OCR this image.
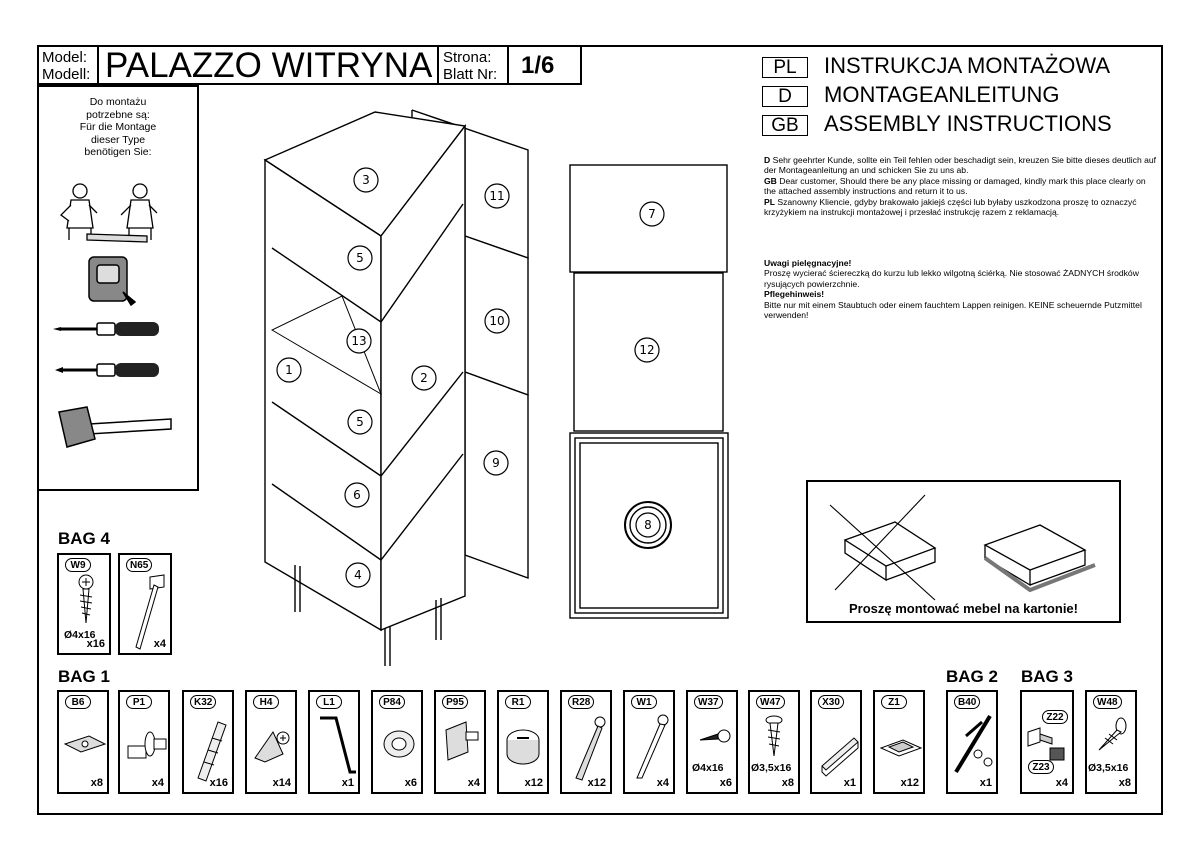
Model:
Modell: PALAZZO WITRYNA Strona:
Blatt Nr: 1/6	PL	INSTRUKCJA MONTAŻOWA
D	MONTAGEANLEITUNG
GB	ASSEMBLY INSTRUCTIONS
D Sehr geehrter Kunde, sollte ein Teil fehlen oder beschadigt sein, kreuzen Sie bitte dieses deutlich auf der Montageanleitung an und schicken Sie zu uns ab.
GB Dear customer, Should there be any place missing or damaged, kindly mark this place clearly on the attached assembly instructions and return it to us.
PL Szanowny Kliencie, gdyby brakowało jakiejś części lub byłaby uszkodzona proszę to oznaczyć krzyżykiem na instrukcji montażowej i przesłać instrukcję razem z reklamacją.
Uwagi pielęgnacyjne!
Proszę wycierać ściereczką do kurzu lub lekko wilgotną ściérką. Nie stosować ŻADNYCH środków rysujących powierzchnie.
Pflegehinweis!
Bitte nur mit einem Staubtuch oder einem fauchtem Lappen reinigen. KEINE scheuernde Putzmittel verwenden!
Do montażu
potrzebne są:
Für die Montage
dieser Type
benötigen Sie:
1
2
3
4
5
5
6
7
8
9
10
11
12
13
Proszę montować mebel na kartonie!
BAG 4
W9
Ø4x16
x16
N65
x4
BAG 1
B6
x8
P1
x4
K32
x16
H4
x14
L1
x1
P84
x6
P95
x4
R1
x12
R28
x12
W1
x4
W37
Ø4x16
x6
W47
Ø3,5x16
x8
X30
x1
Z1
x12
BAG 2
B40
x1
BAG 3
Z22
Z23
x4
W48
Ø3,5x16
x8
